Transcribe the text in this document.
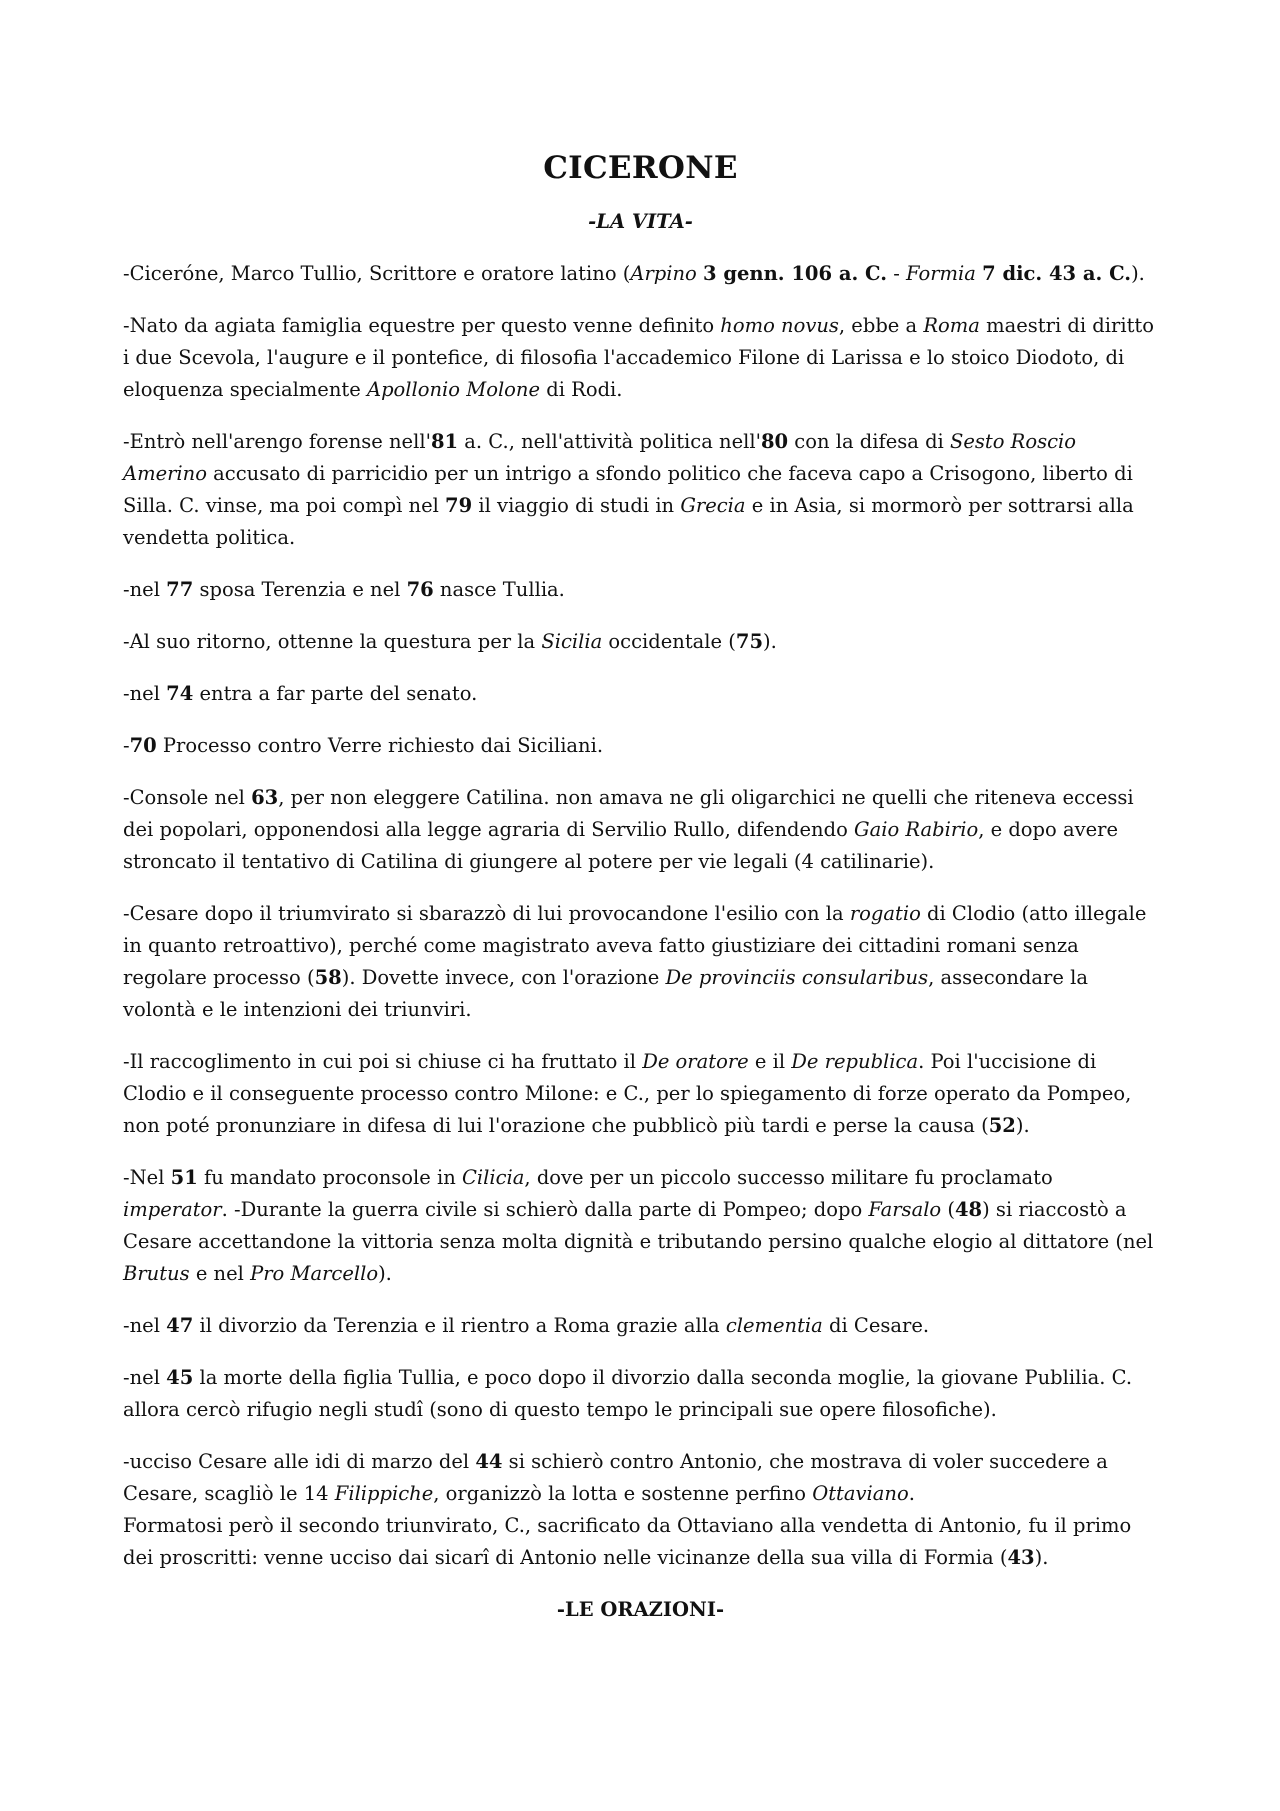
CICERONE
-LA VITA-

-Cicerόne, Marco Tullio, Scrittore e oratore latino (Arpino 3 genn. 106 a. C. - Formia 7 dic. 43 a. C.).

-Nato da agiata famiglia equestre per questo venne definito homo novus, ebbe a Roma maestri di diritto i due Scevola, l'augure e il pontefice, di filosofia l'accademico Filone di Larissa e lo stoico Diodoto, di eloquenza specialmente Apollonio Molone di Rodi.

-Entrò nell'arengo forense nell'81 a. C., nell'attività politica nell'80 con la difesa di Sesto Roscio Amerino accusato di parricidio per un intrigo a sfondo politico che faceva capo a Crisogono, liberto di Silla. C. vinse, ma poi compì nel 79 il viaggio di studi in Grecia e in Asia, si mormorò per sottrarsi alla vendetta politica.

-nel 77 sposa Terenzia e nel 76 nasce Tullia.

-Al suo ritorno, ottenne la questura per la Sicilia occidentale (75).

-nel 74 entra a far parte del senato.

-70 Processo contro Verre richiesto dai Siciliani.

-Console nel 63, per non eleggere Catilina. non amava ne gli oligarchici ne quelli che riteneva eccessi dei popolari, opponendosi alla legge agraria di Servilio Rullo, difendendo Gaio Rabirio, e dopo avere stroncato il tentativo di Catilina di giungere al potere per vie legali (4 catilinarie).

-Cesare dopo il triumvirato si sbarazzò di lui provocandone l'esilio con la rogatio di Clodio (atto illegale in quanto retroattivo), perché come magistrato aveva fatto giustiziare dei cittadini romani senza regolare processo (58). Dovette invece, con l'orazione De provinciis consularibus, assecondare la volontà e le intenzioni dei triunviri.

-Il raccoglimento in cui poi si chiuse ci ha fruttato il De oratore e il De republica. Poi l'uccisione di Clodio e il conseguente processo contro Milone: e C., per lo spiegamento di forze operato da Pompeo, non poté pronunziare in difesa di lui l'orazione che pubblicò più tardi e perse la causa (52).

-Nel 51 fu mandato proconsole in Cilicia, dove per un piccolo successo militare fu proclamato imperator. -Durante la guerra civile si schierò dalla parte di Pompeo; dopo Farsalo (48) si riaccostò a Cesare accettandone la vittoria senza molta dignità e tributando persino qualche elogio al dittatore (nel Brutus e nel Pro Marcello).

-nel 47 il divorzio da Terenzia e il rientro a Roma grazie alla clementia di Cesare.

-nel 45 la morte della figlia Tullia, e poco dopo il divorzio dalla seconda moglie, la giovane Publilia. C. allora cercò rifugio negli studî (sono di questo tempo le principali sue opere filosofiche).

-ucciso Cesare alle idi di marzo del 44 si schierò contro Antonio, che mostrava di voler succedere a Cesare, scagliò le 14 Filippiche, organizzò la lotta e sostenne perfino Ottaviano.
Formatosi però il secondo triunvirato, C., sacrificato da Ottaviano alla vendetta di Antonio, fu il primo dei proscritti: venne ucciso dai sicarî di Antonio nelle vicinanze della sua villa di Formia (43).

-LE ORAZIONI-
